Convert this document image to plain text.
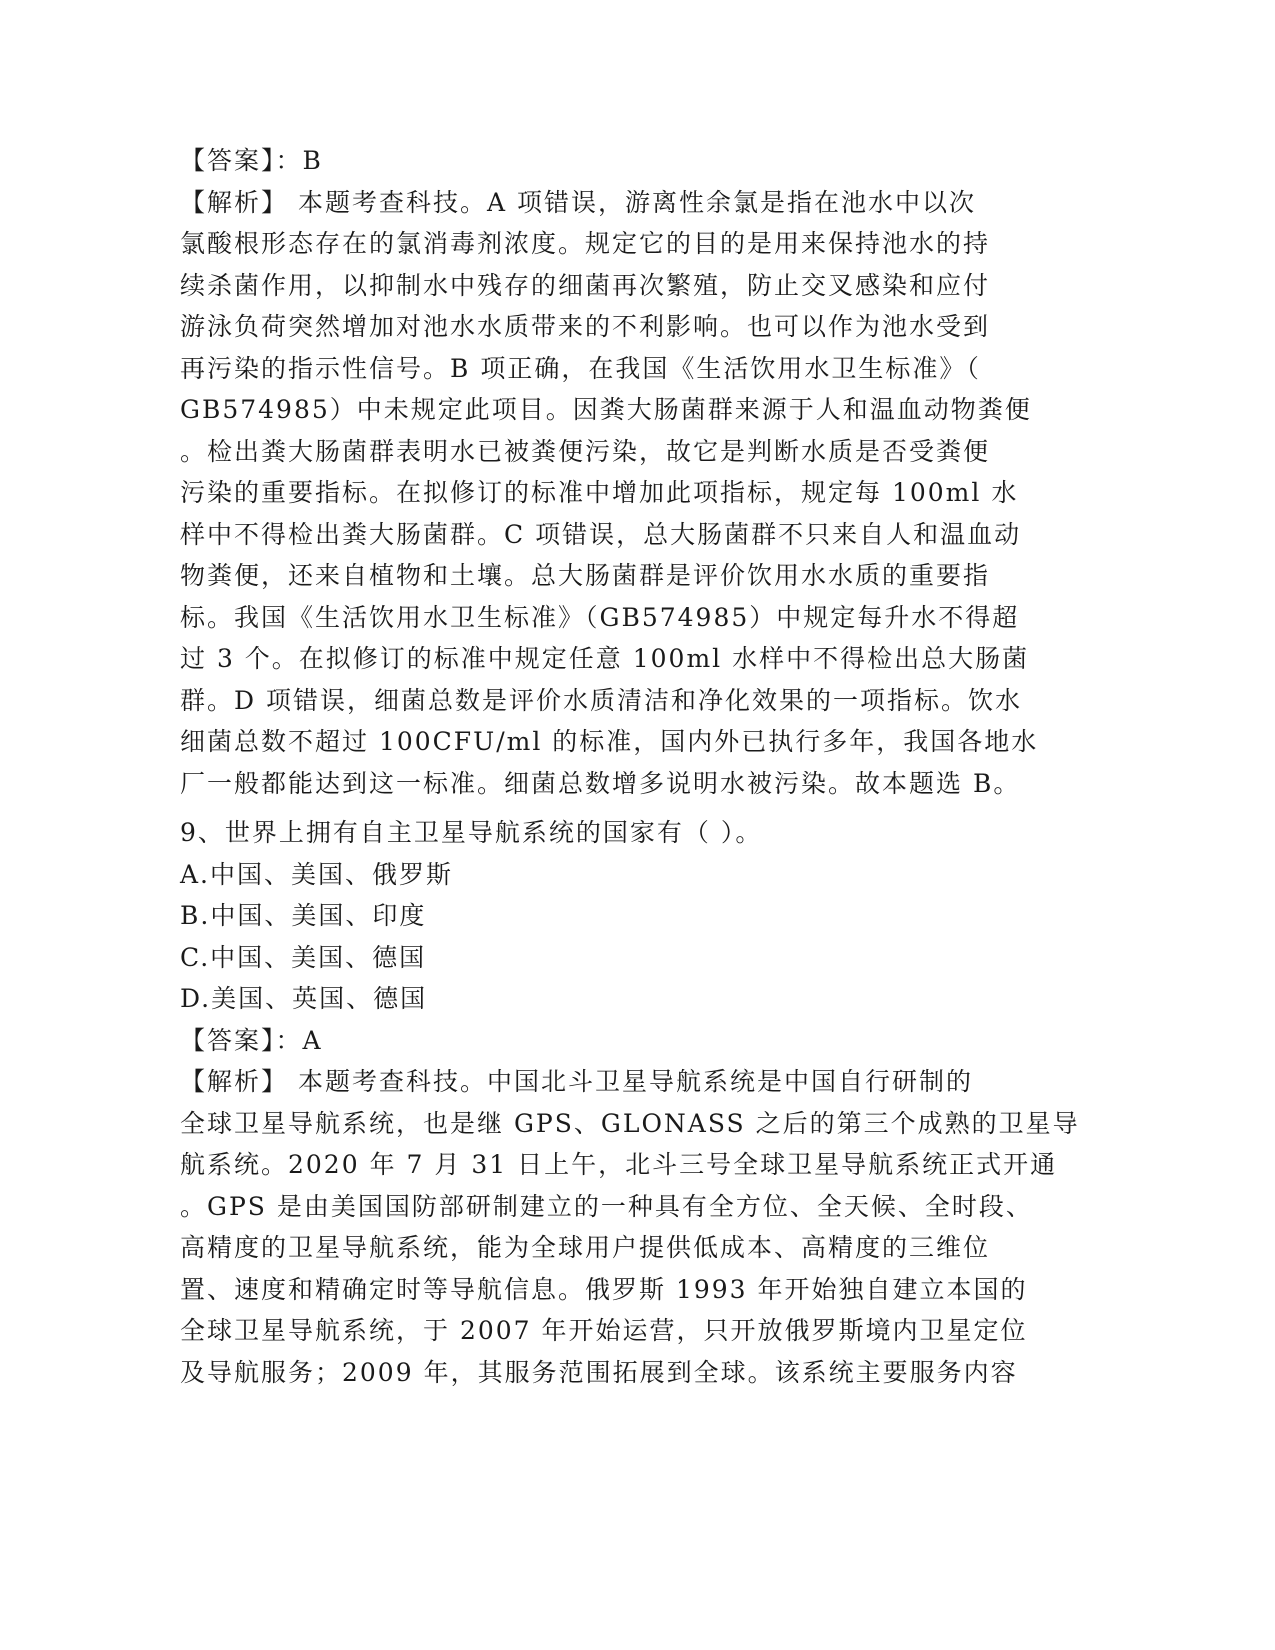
【答案】：B
【解析】 本题考查科技。A 项错误，游离性余氯是指在池水中以次
氯酸根形态存在的氯消毒剂浓度。规定它的目的是用来保持池水的持
续杀菌作用，以抑制水中残存的细菌再次繁殖，防止交叉感染和应付
游泳负荷突然增加对池水水质带来的不利影响。也可以作为池水受到
再污染的指示性信号。B 项正确，在我国《生活饮用水卫生标准》（
GB574985）中未规定此项目。因粪大肠菌群来源于人和温血动物粪便
。检出粪大肠菌群表明水已被粪便污染，故它是判断水质是否受粪便
污染的重要指标。在拟修订的标准中增加此项指标，规定每 100ml 水
样中不得检出粪大肠菌群。C 项错误，总大肠菌群不只来自人和温血动
物粪便，还来自植物和土壤。总大肠菌群是评价饮用水水质的重要指
标。我国《生活饮用水卫生标准》（GB574985）中规定每升水不得超
过 3 个。在拟修订的标准中规定任意 100ml 水样中不得检出总大肠菌
群。D 项错误，细菌总数是评价水质清洁和净化效果的一项指标。饮水
细菌总数不超过 100CFU/ml 的标准，国内外已执行多年，我国各地水
厂一般都能达到这一标准。细菌总数增多说明水被污染。故本题选 B。
9、世界上拥有自主卫星导航系统的国家有（ ）。
A.中国、美国、俄罗斯
B.中国、美国、印度
C.中国、美国、德国
D.美国、英国、德国
【答案】：A
【解析】 本题考查科技。中国北斗卫星导航系统是中国自行研制的
全球卫星导航系统，也是继 GPS、GLONASS 之后的第三个成熟的卫星导
航系统。2020 年 7 月 31 日上午，北斗三号全球卫星导航系统正式开通
。GPS 是由美国国防部研制建立的一种具有全方位、全天候、全时段、
高精度的卫星导航系统，能为全球用户提供低成本、高精度的三维位
置、速度和精确定时等导航信息。俄罗斯 1993 年开始独自建立本国的
全球卫星导航系统，于 2007 年开始运营，只开放俄罗斯境内卫星定位
及导航服务；2009 年，其服务范围拓展到全球。该系统主要服务内容
